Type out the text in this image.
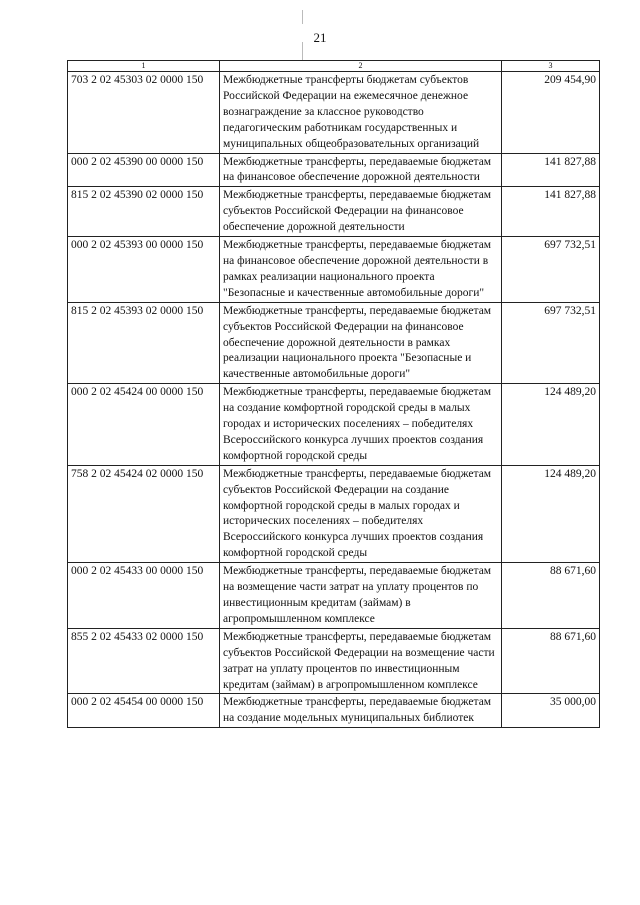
21
1	2	3
703 2 02 45303 02 0000 150	Межбюджетные трансферты бюджетам субъектов Российской Федерации на ежемесячное денежное вознаграждение за классное руководство педагогическим работникам государственных и муниципальных общеобразовательных организаций	209 454,90
000 2 02 45390 00 0000 150	Межбюджетные трансферты, передаваемые бюджетам на финансовое обеспечение дорожной деятельности	141 827,88
815 2 02 45390 02 0000 150	Межбюджетные трансферты, передаваемые бюджетам субъектов Российской Федерации на финансовое обеспечение дорожной деятельности	141 827,88
000 2 02 45393 00 0000 150	Межбюджетные трансферты, передаваемые бюджетам на финансовое обеспечение дорожной деятельности в рамках реализации национального проекта "Безопасные и качественные автомобильные дороги"	697 732,51
815 2 02 45393 02 0000 150	Межбюджетные трансферты, передаваемые бюджетам субъектов Российской Федерации на финансовое обеспечение дорожной деятельности в рамках реализации национального проекта "Безопасные и качественные автомобильные дороги"	697 732,51
000 2 02 45424 00 0000 150	Межбюджетные трансферты, передаваемые бюджетам на создание комфортной городской среды в малых городах и исторических поселениях – победителях Всероссийского конкурса лучших проектов создания комфортной городской среды	124 489,20
758 2 02 45424 02 0000 150	Межбюджетные трансферты, передаваемые бюджетам субъектов Российской Федерации на создание комфортной городской среды в малых городах и исторических поселениях – победителях Всероссийского конкурса лучших проектов создания комфортной городской среды	124 489,20
000 2 02 45433 00 0000 150	Межбюджетные трансферты, передаваемые бюджетам на возмещение части затрат на уплату процентов по инвестиционным кредитам (займам) в агропромышленном комплексе	88 671,60
855 2 02 45433 02 0000 150	Межбюджетные трансферты, передаваемые бюджетам субъектов Российской Федерации на возмещение части затрат на уплату процентов по инвестиционным кредитам (займам) в агропромышленном комплексе	88 671,60
000 2 02 45454 00 0000 150	Межбюджетные трансферты, передаваемые бюджетам на создание модельных муниципальных библиотек	35 000,00
